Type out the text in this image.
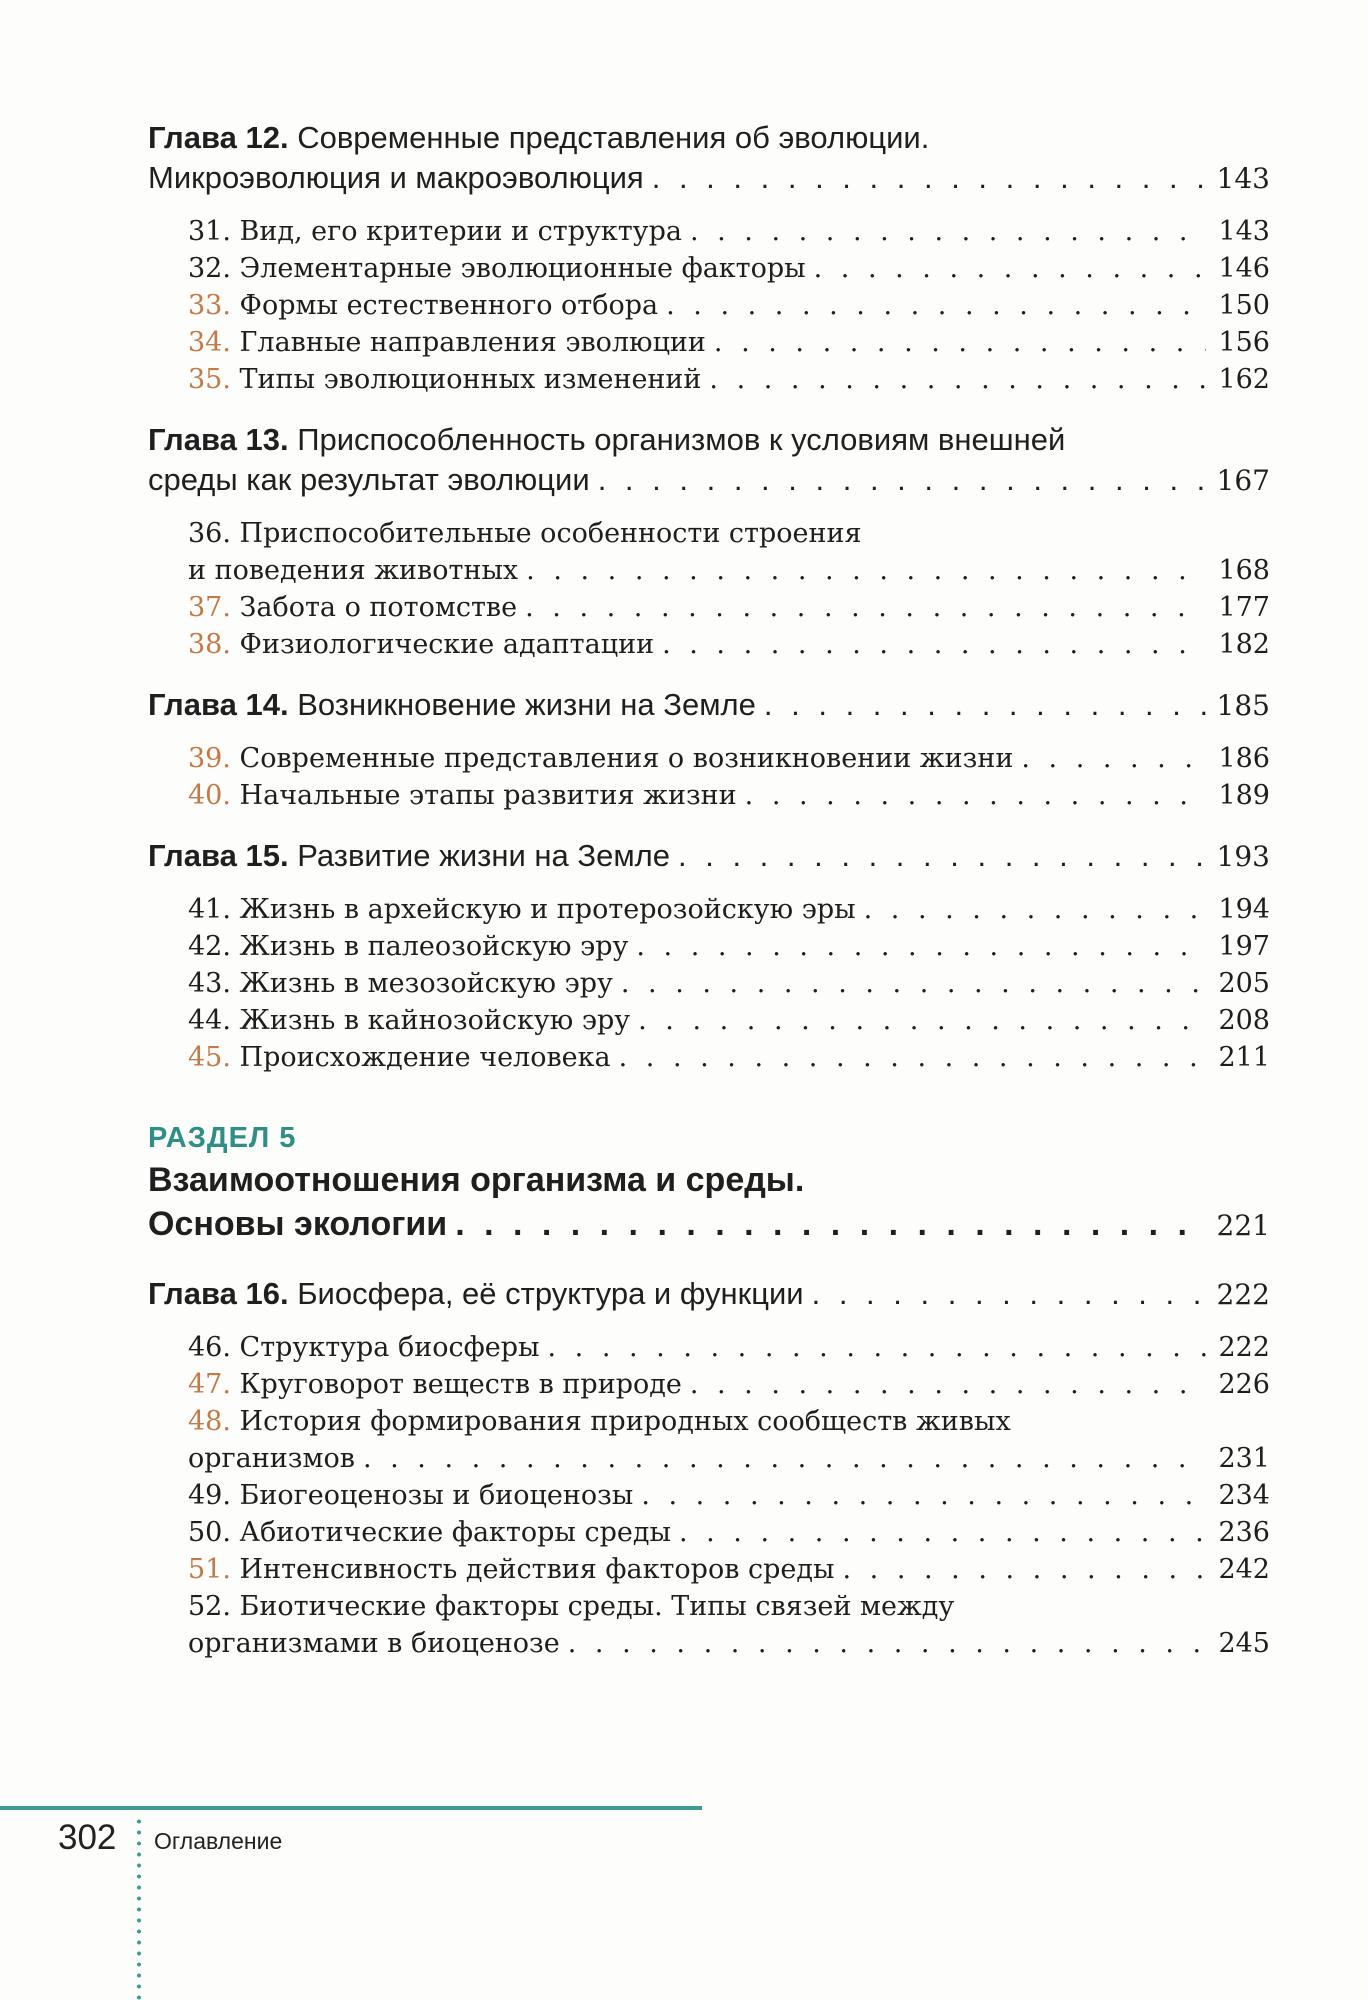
Глава 12. Современные представления об эволюции.
Микроэволюция и макроэволюция . . .	143
31. Вид, его критерии и структура . . .	143
32. Элементарные эволюционные факторы . . .	146
33. Формы естественного отбора . . .	150
34. Главные направления эволюции . . .	156
35. Типы эволюционных изменений . . .	162
Глава 13. Приспособленность организмов к условиям внешней
среды как результат эволюции . . .	167
36. Приспособительные особенности строения
и поведения животных . . .	168
37. Забота о потомстве . . .	177
38. Физиологические адаптации . . .	182
Глава 14. Возникновение жизни на Земле . . .	185
39. Современные представления о возникновении жизни . . .	186
40. Начальные этапы развития жизни . . .	189
Глава 15. Развитие жизни на Земле . . .	193
41. Жизнь в архейскую и протерозойскую эры . . .	194
42. Жизнь в палеозойскую эру . . .	197
43. Жизнь в мезозойскую эру . . .	205
44. Жизнь в кайнозойскую эру . . .	208
45. Происхождение человека . . .	211
РАЗДЕЛ 5
Взаимоотношения организма и среды.
Основы экологии . . .	221
Глава 16. Биосфера, её структура и функции . . .	222
46. Структура биосферы . . .	222
47. Круговорот веществ в природе . . .	226
48. История формирования природных сообществ живых
организмов . . .	231
49. Биогеоценозы и биоценозы . . .	234
50. Абиотические факторы среды . . .	236
51. Интенсивность действия факторов среды . . .	242
52. Биотические факторы среды. Типы связей между
организмами в биоценозе . . .	245
302 Оглавление
